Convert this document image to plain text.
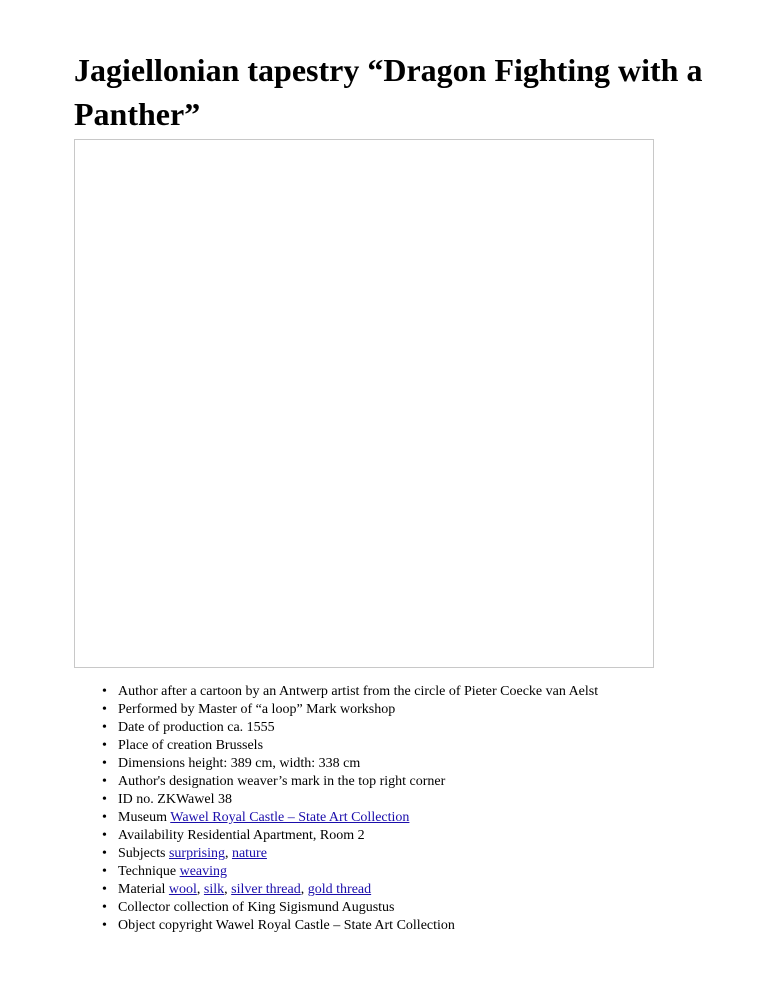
Jagiellonian tapestry “Dragon Fighting with a Panther”
• Author after a cartoon by an Antwerp artist from the circle of Pieter Coecke van Aelst
• Performed by Master of “a loop” Mark workshop
• Date of production ca. 1555
• Place of creation Brussels
• Dimensions height: 389 cm, width: 338 cm
• Author's designation weaver’s mark in the top right corner
• ID no. ZKWawel 38
• Museum Wawel Royal Castle – State Art Collection
• Availability Residential Apartment, Room 2
• Subjects surprising, nature
• Technique weaving
• Material wool, silk, silver thread, gold thread
• Collector collection of King Sigismund Augustus
• Object copyright Wawel Royal Castle – State Art Collection
